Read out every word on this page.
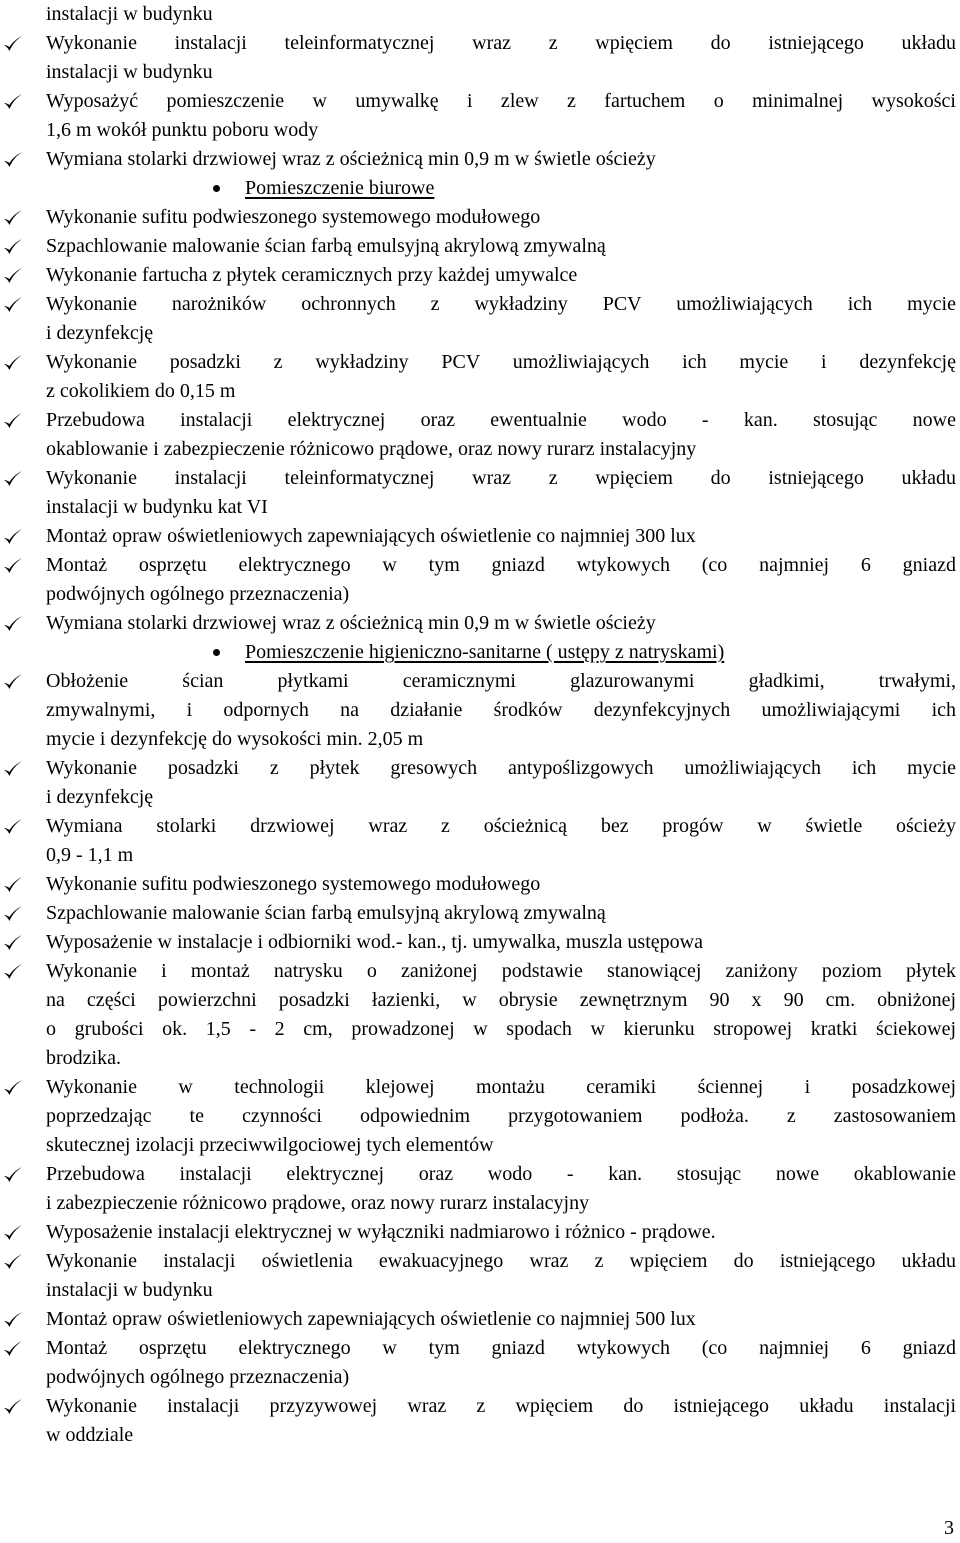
instalacji w budynku
Wykonanie instalacji teleinformatycznej wraz z wpięciem do istniejącego układu
instalacji w budynku
Wyposażyć pomieszczenie w umywalkę i zlew z fartuchem o minimalnej wysokości
1,6 m wokół punktu poboru wody
Wymiana stolarki drzwiowej wraz z ościeżnicą min 0,9 m w świetle ościeży
Pomieszczenie biurowe
Wykonanie sufitu podwieszonego systemowego modułowego
Szpachlowanie malowanie ścian farbą emulsyjną akrylową zmywalną
Wykonanie fartucha z płytek ceramicznych przy każdej umywalce
Wykonanie narożników ochronnych z wykładziny PCV umożliwiających ich mycie
i dezynfekcję
Wykonanie posadzki z wykładziny PCV umożliwiających ich mycie i dezynfekcję
z cokolikiem do 0,15 m
Przebudowa instalacji elektrycznej oraz ewentualnie wodo - kan. stosując nowe
okablowanie i zabezpieczenie różnicowo prądowe, oraz nowy rurarz instalacyjny
Wykonanie instalacji teleinformatycznej wraz z wpięciem do istniejącego układu
instalacji w budynku kat VI
Montaż opraw oświetleniowych zapewniających oświetlenie co najmniej 300 lux
Montaż osprzętu elektrycznego w tym gniazd wtykowych (co najmniej 6 gniazd
podwójnych ogólnego przeznaczenia)
Wymiana stolarki drzwiowej wraz z ościeżnicą min 0,9 m w świetle ościeży
Pomieszczenie higieniczno-sanitarne ( ustępy z natryskami)
Obłożenie ścian płytkami ceramicznymi glazurowanymi gładkimi, trwałymi,
zmywalnymi, i odpornych na działanie środków dezynfekcyjnych umożliwiającymi ich
mycie i dezynfekcję do wysokości min. 2,05 m
Wykonanie posadzki z płytek gresowych antypoślizgowych umożliwiających ich mycie
i dezynfekcję
Wymiana stolarki drzwiowej wraz z ościeżnicą bez progów w świetle ościeży
0,9 - 1,1 m
Wykonanie sufitu podwieszonego systemowego modułowego
Szpachlowanie malowanie ścian farbą emulsyjną akrylową zmywalną
Wyposażenie w instalacje i odbiorniki wod.- kan., tj. umywalka, muszla ustępowa
Wykonanie i montaż natrysku o zaniżonej podstawie stanowiącej zaniżony poziom płytek
na części powierzchni posadzki łazienki, w obrysie zewnętrznym 90 x 90 cm. obniżonej
o grubości ok. 1,5 - 2 cm, prowadzonej w spodach w kierunku stropowej kratki ściekowej
brodzika.
Wykonanie w technologii klejowej montażu ceramiki ściennej i posadzkowej
poprzedzając te czynności odpowiednim przygotowaniem podłoża. z zastosowaniem
skutecznej izolacji przeciwwilgociowej tych elementów
Przebudowa instalacji elektrycznej oraz wodo - kan. stosując nowe okablowanie
i zabezpieczenie różnicowo prądowe, oraz nowy rurarz instalacyjny
Wyposażenie instalacji elektrycznej w wyłączniki nadmiarowo i różnico - prądowe.
Wykonanie instalacji oświetlenia ewakuacyjnego wraz z wpięciem do istniejącego układu
instalacji w budynku
Montaż opraw oświetleniowych zapewniających oświetlenie co najmniej 500 lux
Montaż osprzętu elektrycznego w tym gniazd wtykowych (co najmniej 6 gniazd
podwójnych ogólnego przeznaczenia)
Wykonanie instalacji przyzywowej wraz z wpięciem do istniejącego układu instalacji
w oddziale
3
